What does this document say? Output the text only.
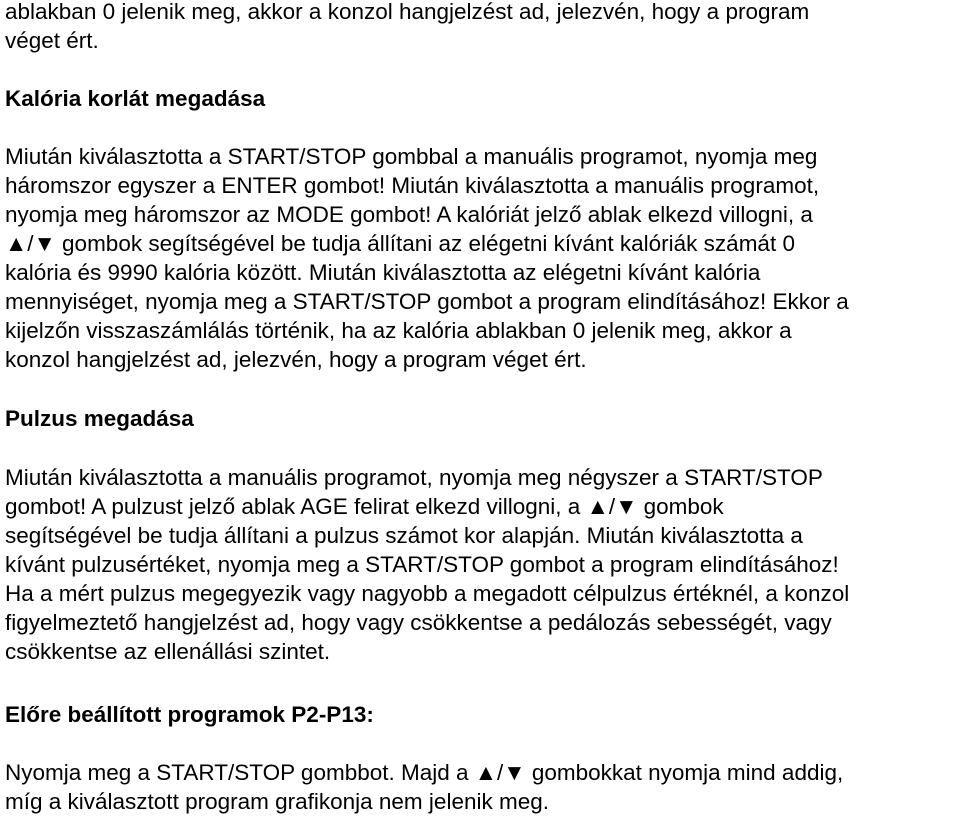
ablakban 0 jelenik meg, akkor a konzol hangjelzést ad, jelezvén, hogy a program
véget ért.

Kalória korlát megadása

Miután kiválasztotta a START/STOP gombbal a manuális programot, nyomja meg
háromszor egyszer a ENTER gombot! Miután kiválasztotta a manuális programot,
nyomja meg háromszor az MODE gombot! A kalóriát jelző ablak elkezd villogni, a
▲/▼ gombok segítségével be tudja állítani az elégetni kívánt kalóriák számát 0
kalória és 9990 kalória között. Miután kiválasztotta az elégetni kívánt kalória
mennyiséget, nyomja meg a START/STOP gombot a program elindításához! Ekkor a
kijelzőn visszaszámlálás történik, ha az kalória ablakban 0 jelenik meg, akkor a
konzol hangjelzést ad, jelezvén, hogy a program véget ért.

Pulzus megadása

Miután kiválasztotta a manuális programot, nyomja meg négyszer a START/STOP
gombot! A pulzust jelző ablak AGE felirat elkezd villogni, a ▲/▼ gombok
segítségével be tudja állítani a pulzus számot kor alapján. Miután kiválasztotta a
kívánt pulzusértéket, nyomja meg a START/STOP gombot a program elindításához!
Ha a mért pulzus megegyezik vagy nagyobb a megadott célpulzus értéknél, a konzol
figyelmeztető hangjelzést ad, hogy vagy csökkentse a pedálozás sebességét, vagy
csökkentse az ellenállási szintet.

Előre beállított programok P2-P13:

Nyomja meg a START/STOP gombbot. Majd a ▲/▼ gombokkat nyomja mind addig,
míg a kiválasztott program grafikonja nem jelenik meg.
